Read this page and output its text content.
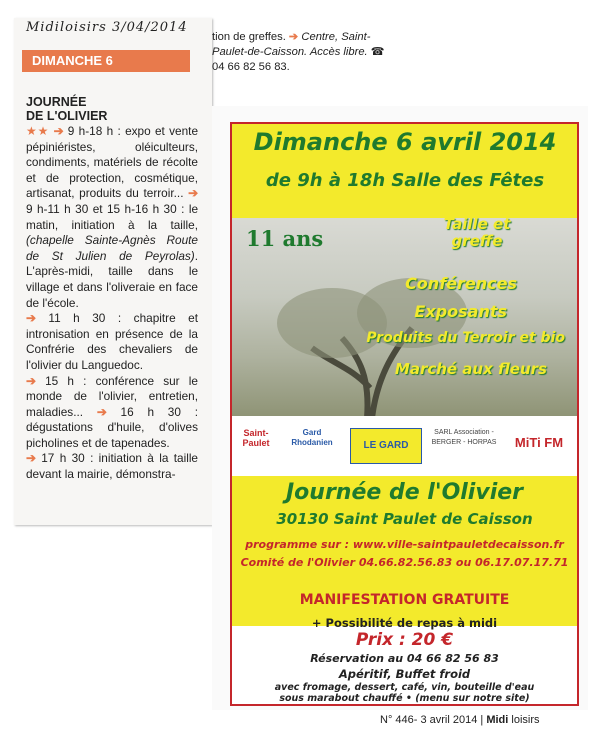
Midiloisirs 3/04/2014
DIMANCHE 6
JOURNÉE
DE L'OLIVIER

★★ ➔ 9 h-18 h : expo et vente pépiniéristes, oléiculteurs, condiments, matériels de récolte et de protection, cosmétique, artisanat, produits du terroir... ➔ 9 h-11 h 30 et 15 h-16 h 30 : le matin, initiation à la taille, (chapelle Sainte-Agnès Route de St Julien de Peyrolas). L'après-midi, taille dans le village et dans l'oliveraie en face de l'école.

➔ 11 h 30 : chapitre et intronisation en présence de la Confrérie des chevaliers de l'olivier du Languedoc.

➔ 15 h : conférence sur le monde de l'olivier, entretien, maladies... ➔ 16 h 30 : dégustations d'huile, d'olives picholines et de tapenades.

➔ 17 h 30 : initiation à la taille devant la mairie, démonstra-

tion de greffes. ➔ Centre, Saint-Paulet-de-Caisson. Accès libre. ☎ 04 66 82 56 83.

Dimanche 6 avril 2014
de 9h à 18h Salle des Fêtes
11 ans
Taille et greffe
Conférences
Exposants
Produits du Terroir et bio
Marché aux fleurs
Saint-Paulet
Gard Rhodanien	LE GARD
SARL Association - BERGER - HORPAS	MiTi FM
Journée de l'Olivier
30130 Saint Paulet de Caisson
programme sur : www.ville-saintpauletdecaisson.fr
Comité de l'Olivier 04.66.82.56.83 ou 06.17.07.17.71
MANIFESTATION GRATUITE
+ Possibilité de repas à midi
Prix : 20 €
Réservation au 04 66 82 56 83
Apéritif, Buffet froid
avec fromage, dessert, café, vin, bouteille d'eau
sous marabout chauffé • (menu sur notre site)
N° 446- 3 avril 2014 | Midi loisirs
